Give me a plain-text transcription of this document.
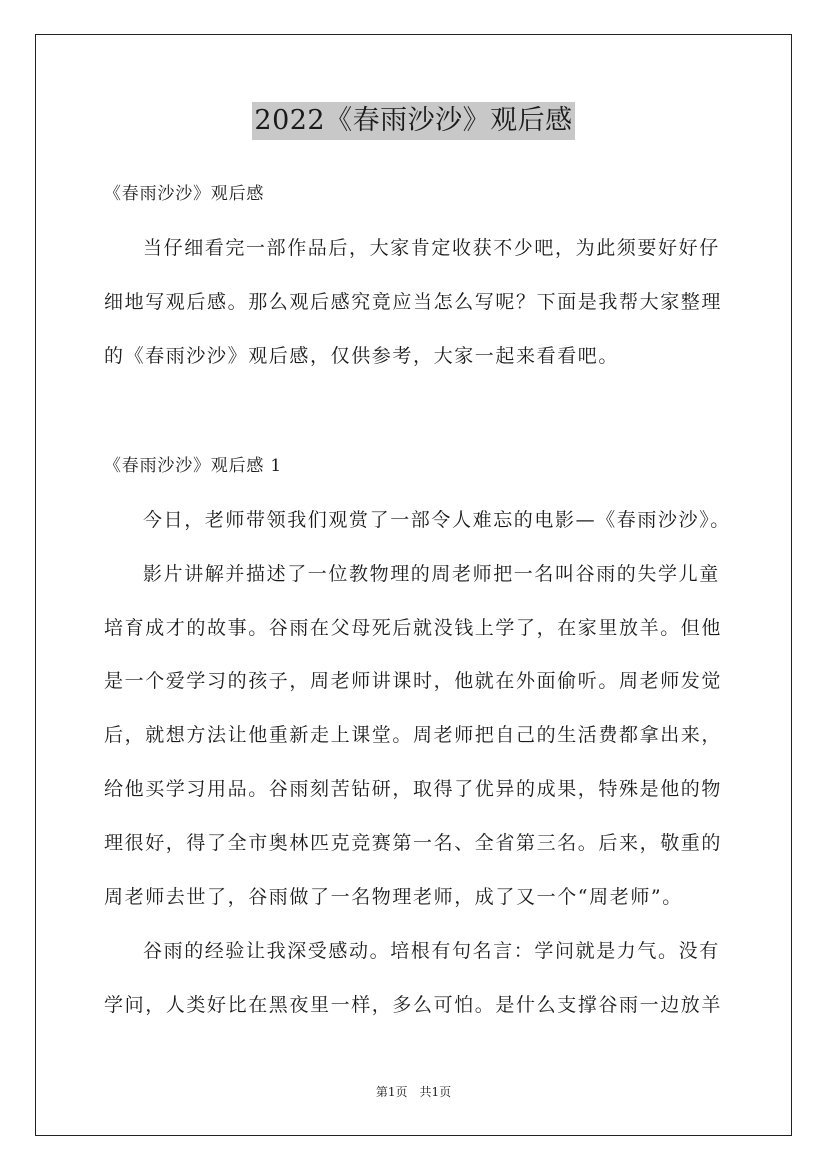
2022《春雨沙沙》观后感
《春雨沙沙》观后感
当仔细看完一部作品后，大家肯定收获不少吧，为此须要好好仔
细地写观后感。那么观后感究竟应当怎么写呢？下面是我帮大家整理
的《春雨沙沙》观后感，仅供参考，大家一起来看看吧。
《春雨沙沙》观后感 1
今日，老师带领我们观赏了一部令人难忘的电影—《春雨沙沙》。
影片讲解并描述了一位教物理的周老师把一名叫谷雨的失学儿童
培育成才的故事。谷雨在父母死后就没钱上学了，在家里放羊。但他
是一个爱学习的孩子，周老师讲课时，他就在外面偷听。周老师发觉
后，就想方法让他重新走上课堂。周老师把自己的生活费都拿出来，
给他买学习用品。谷雨刻苦钻研，取得了优异的成果，特殊是他的物
理很好，得了全市奥林匹克竞赛第一名、全省第三名。后来，敬重的
周老师去世了，谷雨做了一名物理老师，成了又一个“周老师”。
谷雨的经验让我深受感动。培根有句名言：学问就是力气。没有
学问，人类好比在黑夜里一样，多么可怕。是什么支撑谷雨一边放羊
第1页　共1页
